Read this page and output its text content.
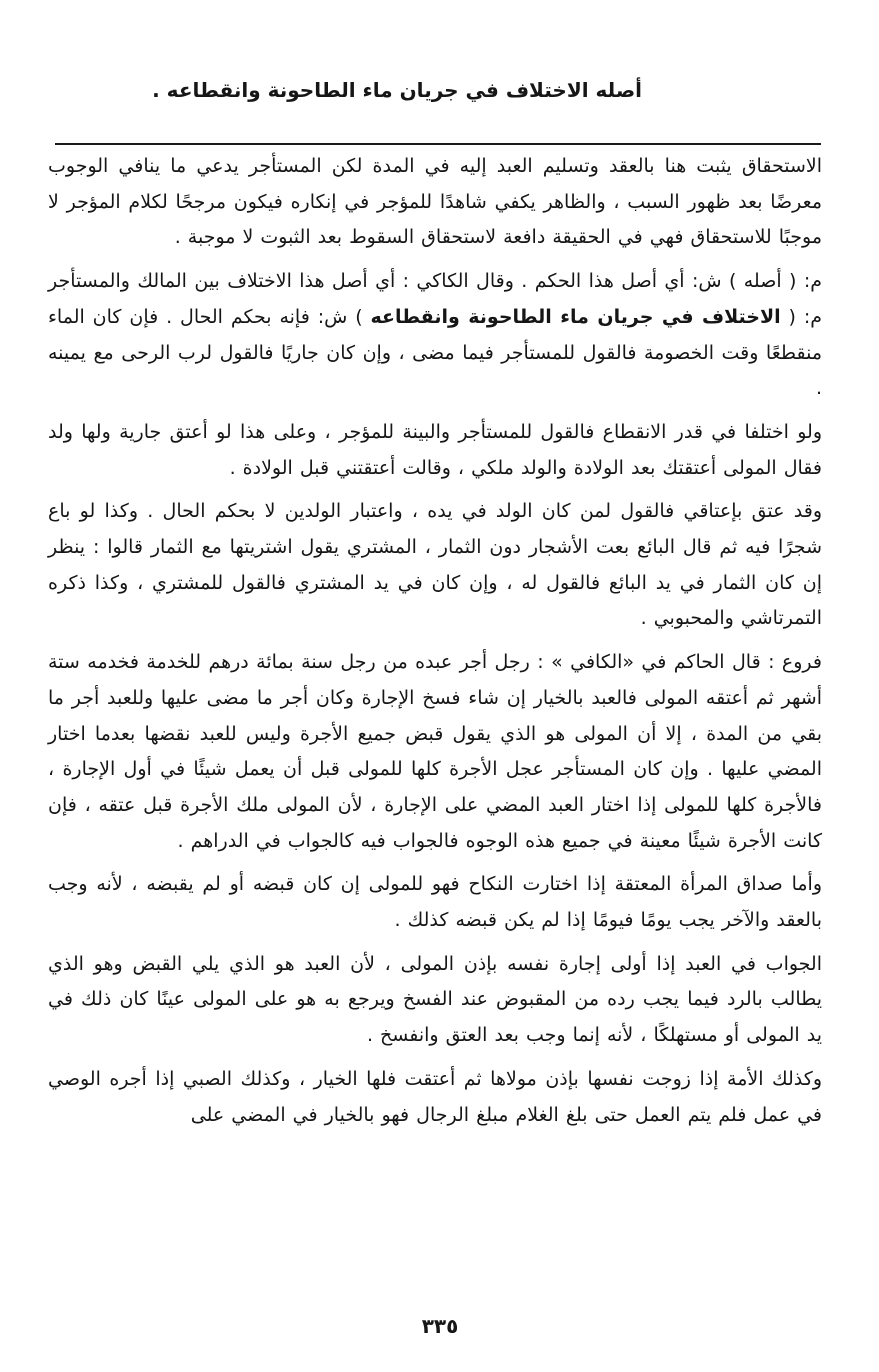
أصله الاختلاف في جريان ماء الطاحونة وانقطاعه .

الاستحقاق يثبت هنا بالعقد وتسليم العبد إليه في المدة لكن المستأجر يدعي ما ينافي الوجوب معرضًا بعد ظهور السبب ، والظاهر يكفي شاهدًا للمؤجر في إنكاره فيكون مرجحًا لكلام المؤجر لا موجبًا للاستحقاق فهي في الحقيقة دافعة لاستحقاق السقوط بعد الثبوت لا موجبة .

م: ( أصله ) ش: أي أصل هذا الحكم . وقال الكاكي : أي أصل هذا الاختلاف بين المالك والمستأجر م: ( الاختلاف في جريان ماء الطاحونة وانقطاعه ) ش: فإنه بحكم الحال . فإن كان الماء منقطعًا وقت الخصومة فالقول للمستأجر فيما مضى ، وإن كان جاريًا فالقول لرب الرحى مع يمينه .

ولو اختلفا في قدر الانقطاع فالقول للمستأجر والبينة للمؤجر ، وعلى هذا لو أعتق جارية ولها ولد فقال المولى أعتقتك بعد الولادة والولد ملكي ، وقالت أعتقتني قبل الولادة .

وقد عتق بإعتاقي فالقول لمن كان الولد في يده ، واعتبار الولدين لا بحكم الحال . وكذا لو باع شجرًا فيه ثم قال البائع بعت الأشجار دون الثمار ، المشتري يقول اشتريتها مع الثمار قالوا : ينظر إن كان الثمار في يد البائع فالقول له ، وإن كان في يد المشتري فالقول للمشتري ، وكذا ذكره التمرتاشي والمحبوبي .

فروع : قال الحاكم في «الكافي » : رجل أجر عبده من رجل سنة بمائة درهم للخدمة فخدمه ستة أشهر ثم أعتقه المولى فالعبد بالخيار إن شاء فسخ الإجارة وكان أجر ما مضى عليها وللعبد أجر ما بقي من المدة ، إلا أن المولى هو الذي يقول قبض جميع الأجرة وليس للعبد نقضها بعدما اختار المضي عليها . وإن كان المستأجر عجل الأجرة كلها للمولى قبل أن يعمل شيئًا في أول الإجارة ، فالأجرة كلها للمولى إذا اختار العبد المضي على الإجارة ، لأن المولى ملك الأجرة قبل عتقه ، فإن كانت الأجرة شيئًا معينة في جميع هذه الوجوه فالجواب فيه كالجواب في الدراهم .

وأما صداق المرأة المعتقة إذا اختارت النكاح فهو للمولى إن كان قبضه أو لم يقبضه ، لأنه وجب بالعقد والآخر يجب يومًا فيومًا إذا لم يكن قبضه كذلك .

الجواب في العبد إذا أولى إجارة نفسه بإذن المولى ، لأن العبد هو الذي يلي القبض وهو الذي يطالب بالرد فيما يجب رده من المقبوض عند الفسخ ويرجع به هو على المولى عينًا كان ذلك في يد المولى أو مستهلكًا ، لأنه إنما وجب بعد العتق وانفسخ .

وكذلك الأمة إذا زوجت نفسها بإذن مولاها ثم أعتقت فلها الخيار ، وكذلك الصبي إذا أجره الوصي في عمل فلم يتم العمل حتى بلغ الغلام مبلغ الرجال فهو بالخيار في المضي على

٣٣٥
